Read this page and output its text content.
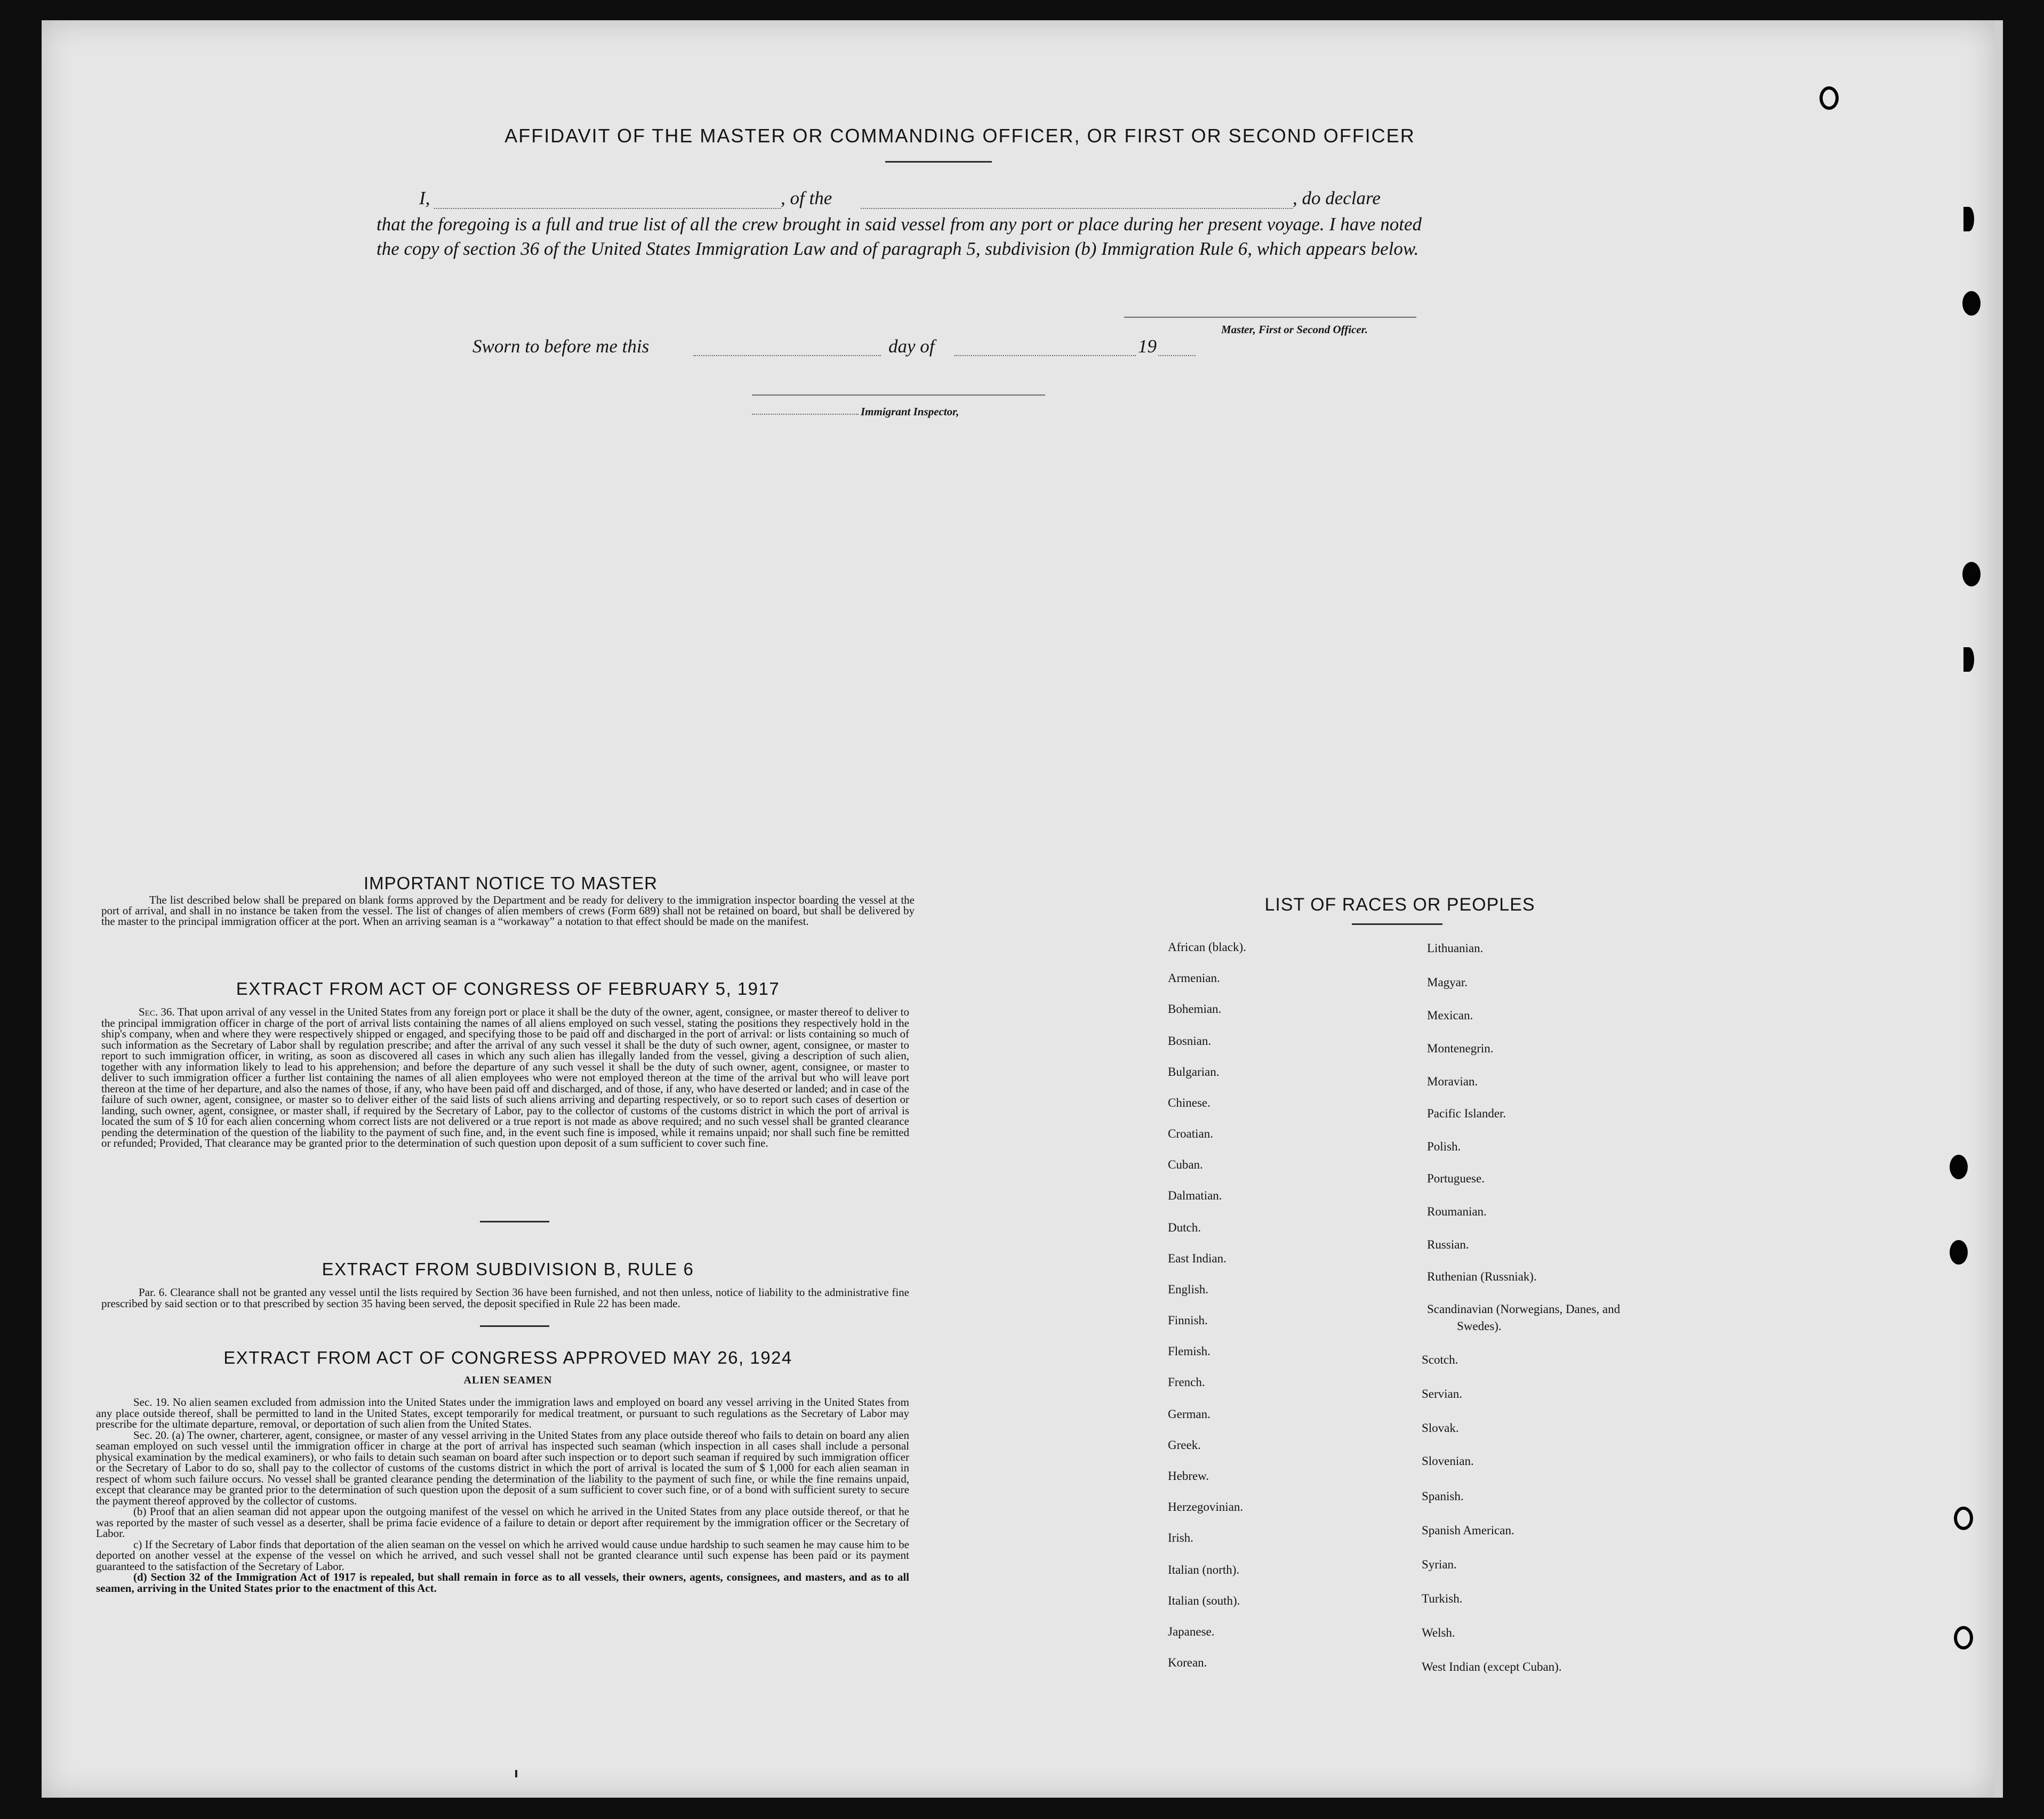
AFFIDAVIT OF THE MASTER OR COMMANDING OFFICER, OR FIRST OR SECOND OFFICER
I,	, of the	, do declare
that the foregoing is a full and true list of all the crew brought in said vessel from any port or place during her present voyage. I have noted the copy of section 36 of the United States Immigration Law and of paragraph 5, subdivision (b) Immigration Rule 6, which appears below.
Master, First or Second Officer.
Sworn to before me this	day of	19
Immigrant Inspector,
IMPORTANT NOTICE TO MASTER
The list described below shall be prepared on blank forms approved by the Department and be ready for delivery to the immigration inspector boarding the vessel at the port of arrival, and shall in no instance be taken from the vessel. The list of changes of alien members of crews (Form 689) shall not be retained on board, but shall be delivered by the master to the principal immigration officer at the port. When an arriving seaman is a “workaway” a notation to that effect should be made on the manifest.
EXTRACT FROM ACT OF CONGRESS OF FEBRUARY 5, 1917

Sec. 36. That upon arrival of any vessel in the United States from any foreign port or place it shall be the duty of the owner, agent, consignee, or master thereof to deliver to the principal immigration officer in charge of the port of arrival lists containing the names of all aliens employed on such vessel, stating the positions they respectively hold in the ship's company, when and where they were respectively shipped or engaged, and specifying those to be paid off and discharged in the port of arrival: or lists containing so much of such information as the Secretary of Labor shall by regulation prescribe; and after the arrival of any such vessel it shall be the duty of such owner, agent, consignee, or master to report to such immigration officer, in writing, as soon as discovered all cases in which any such alien has illegally landed from the vessel, giving a description of such alien, together with any information likely to lead to his apprehension; and before the departure of any such vessel it shall be the duty of such owner, agent, consignee, or master to deliver to such immigration officer a further list containing the names of all alien employees who were not employed thereon at the time of the arrival but who will leave port thereon at the time of her departure, and also the names of those, if any, who have been paid off and discharged, and of those, if any, who have deserted or landed; and in case of the failure of such owner, agent, consignee, or master so to deliver either of the said lists of such aliens arriving and departing respectively, or so to report such cases of desertion or landing, such owner, agent, consignee, or master shall, if required by the Secretary of Labor, pay to the collector of customs of the customs district in which the port of arrival is located the sum of $ 10 for each alien concerning whom correct lists are not delivered or a true report is not made as above required; and no such vessel shall be granted clearance pending the determination of the question of the liability to the payment of such fine, and, in the event such fine is imposed, while it remains unpaid; nor shall such fine be remitted or refunded; Provided, That clearance may be granted prior to the determination of such question upon deposit of a sum sufficient to cover such fine.

EXTRACT FROM SUBDIVISION B, RULE 6

Par. 6. Clearance shall not be granted any vessel until the lists required by Section 36 have been furnished, and not then unless, notice of liability to the administrative fine prescribed by said section or to that prescribed by section 35 having been served, the deposit specified in Rule 22 has been made.

EXTRACT FROM ACT OF CONGRESS APPROVED MAY 26, 1924
ALIEN SEAMEN

Sec. 19. No alien seamen excluded from admission into the United States under the immigration laws and employed on board any vessel arriving in the United States from any place outside thereof, shall be permitted to land in the United States, except temporarily for medical treatment, or pursuant to such regulations as the Secretary of Labor may prescribe for the ultimate departure, removal, or deportation of such alien from the United States.

Sec. 20. (a) The owner, charterer, agent, consignee, or master of any vessel arriving in the United States from any place outside thereof who fails to detain on board any alien seaman employed on such vessel until the immigration officer in charge at the port of arrival has inspected such seaman (which inspection in all cases shall include a personal physical examination by the medical examiners), or who fails to detain such seaman on board after such inspection or to deport such seaman if required by such immigration officer or the Secretary of Labor to do so, shall pay to the collector of customs of the customs district in which the port of arrival is located the sum of $ 1,000 for each alien seaman in respect of whom such failure occurs. No vessel shall be granted clearance pending the determination of the liability to the payment of such fine, or while the fine remains unpaid, except that clearance may be granted prior to the determination of such question upon the deposit of a sum sufficient to cover such fine, or of a bond with sufficient surety to secure the payment thereof approved by the collector of customs.

(b) Proof that an alien seaman did not appear upon the outgoing manifest of the vessel on which he arrived in the United States from any place outside thereof, or that he was reported by the master of such vessel as a deserter, shall be prima facie evidence of a failure to detain or deport after requirement by the immigration officer or the Secretary of Labor.

c) If the Secretary of Labor finds that deportation of the alien seaman on the vessel on which he arrived would cause undue hardship to such seamen he may cause him to be deported on another vessel at the expense of the vessel on which he arrived, and such vessel shall not be granted clearance until such expense has been paid or its payment guaranteed to the satisfaction of the Secretary of Labor.

(d) Section 32 of the Immigration Act of 1917 is repealed, but shall remain in force as to all vessels, their owners, agents, consignees, and masters, and as to all seamen, arriving in the United States prior to the enactment of this Act.

LIST OF RACES OR PEOPLES
African (black).
Armenian.
Bohemian.
Bosnian.
Bulgarian.
Chinese.
Croatian.
Cuban.
Dalmatian.
Dutch.
East Indian.
English.
Finnish.
Flemish.
French.
German.
Greek.
Hebrew.
Herzegovinian.
Irish.
Italian (north).
Italian (south).
Japanese.
Korean.
Lithuanian.
Magyar.
Mexican.
Montenegrin.
Moravian.
Pacific Islander.
Polish.
Portuguese.
Roumanian.
Russian.
Ruthenian (Russniak).
Scandinavian (Norwegians, Danes, and Swedes).
Scotch.
Servian.
Slovak.
Slovenian.
Spanish.
Spanish American.
Syrian.
Turkish.
Welsh.
West Indian (except Cuban).
